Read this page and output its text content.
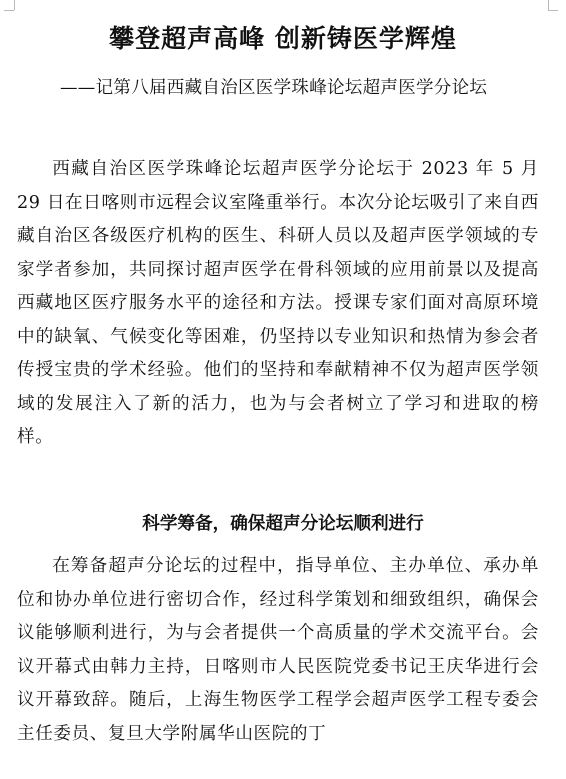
攀登超声高峰 创新铸医学辉煌
——记第八届西藏自治区医学珠峰论坛超声医学分论坛

西藏自治区医学珠峰论坛超声医学分论坛于 2023 年 5 月 29 日在日喀则市远程会议室隆重举行。本次分论坛吸引了来自西藏自治区各级医疗机构的医生、科研人员以及超声医学领域的专家学者参加，共同探讨超声医学在骨科领域的应用前景以及提高西藏地区医疗服务水平的途径和方法。授课专家们面对高原环境中的缺氧、气候变化等困难，仍坚持以专业知识和热情为参会者传授宝贵的学术经验。他们的坚持和奉献精神不仅为超声医学领域的发展注入了新的活力，也为与会者树立了学习和进取的榜样。

科学筹备，确保超声分论坛顺利进行

在筹备超声分论坛的过程中，指导单位、主办单位、承办单位和协办单位进行密切合作，经过科学策划和细致组织，确保会议能够顺利进行，为与会者提供一个高质量的学术交流平台。会议开幕式由韩力主持，日喀则市人民医院党委书记王庆华进行会议开幕致辞。随后，上海生物医学工程学会超声医学工程专委会主任委员、复旦大学附属华山医院的丁
